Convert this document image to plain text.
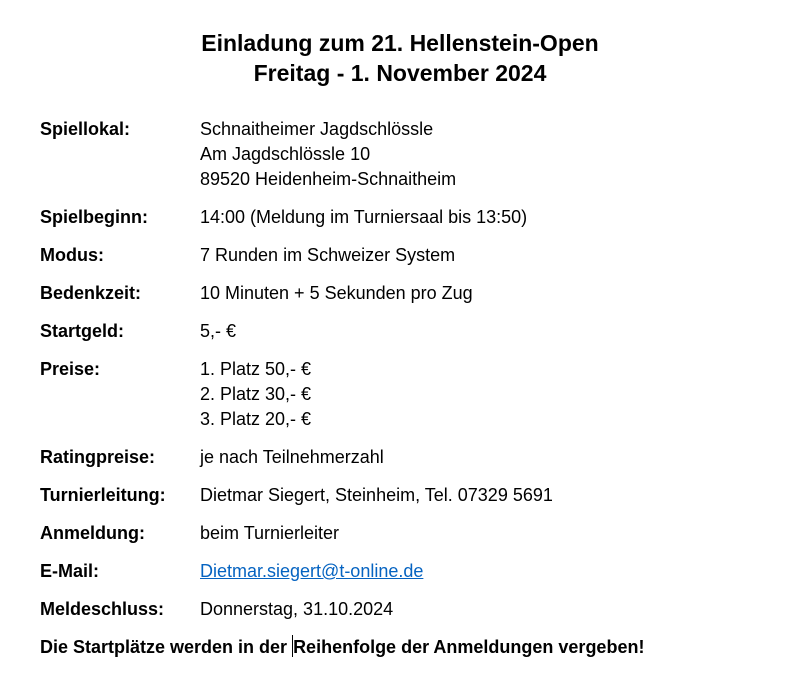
Einladung zum 21. Hellenstein-Open
Freitag - 1. November 2024
Spiellokal:	Schnaitheimer Jagdschlössle
Am Jagdschlössle 10
89520 Heidenheim-Schnaitheim
Spielbeginn:	14:00 (Meldung im Turniersaal bis 13:50)
Modus:	7 Runden im Schweizer System
Bedenkzeit:	10 Minuten + 5 Sekunden pro Zug
Startgeld:	5,- €
Preise:	1. Platz 50,- €
2. Platz 30,- €
3. Platz 20,- €
Ratingpreise:	je nach Teilnehmerzahl
Turnierleitung:	Dietmar Siegert, Steinheim, Tel. 07329 5691
Anmeldung:	beim Turnierleiter
E-Mail:	Dietmar.siegert@t-online.de
Meldeschluss:	Donnerstag, 31.10.2024
Die Startplätze werden in der Reihenfolge der Anmeldungen vergeben!
